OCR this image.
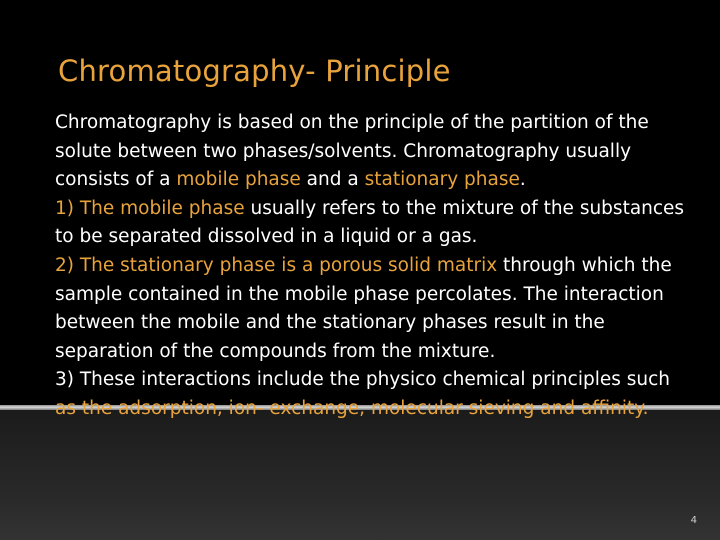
Chromatography- Principle
Chromatography is based on the principle of the partition of the solute between two phases/solvents. Chromatography usually consists of a mobile phase and a stationary phase.
1) The mobile phase usually refers to the mixture of the substances to be separated dissolved in a liquid or a gas.
2) The stationary phase is a porous solid matrix through which the sample contained in the mobile phase percolates. The interaction between the mobile and the stationary phases result in the separation of the compounds from the mixture.
3) These interactions include the physico chemical principles such as the adsorption, ion- exchange, molecular sieving and affinity.
4
